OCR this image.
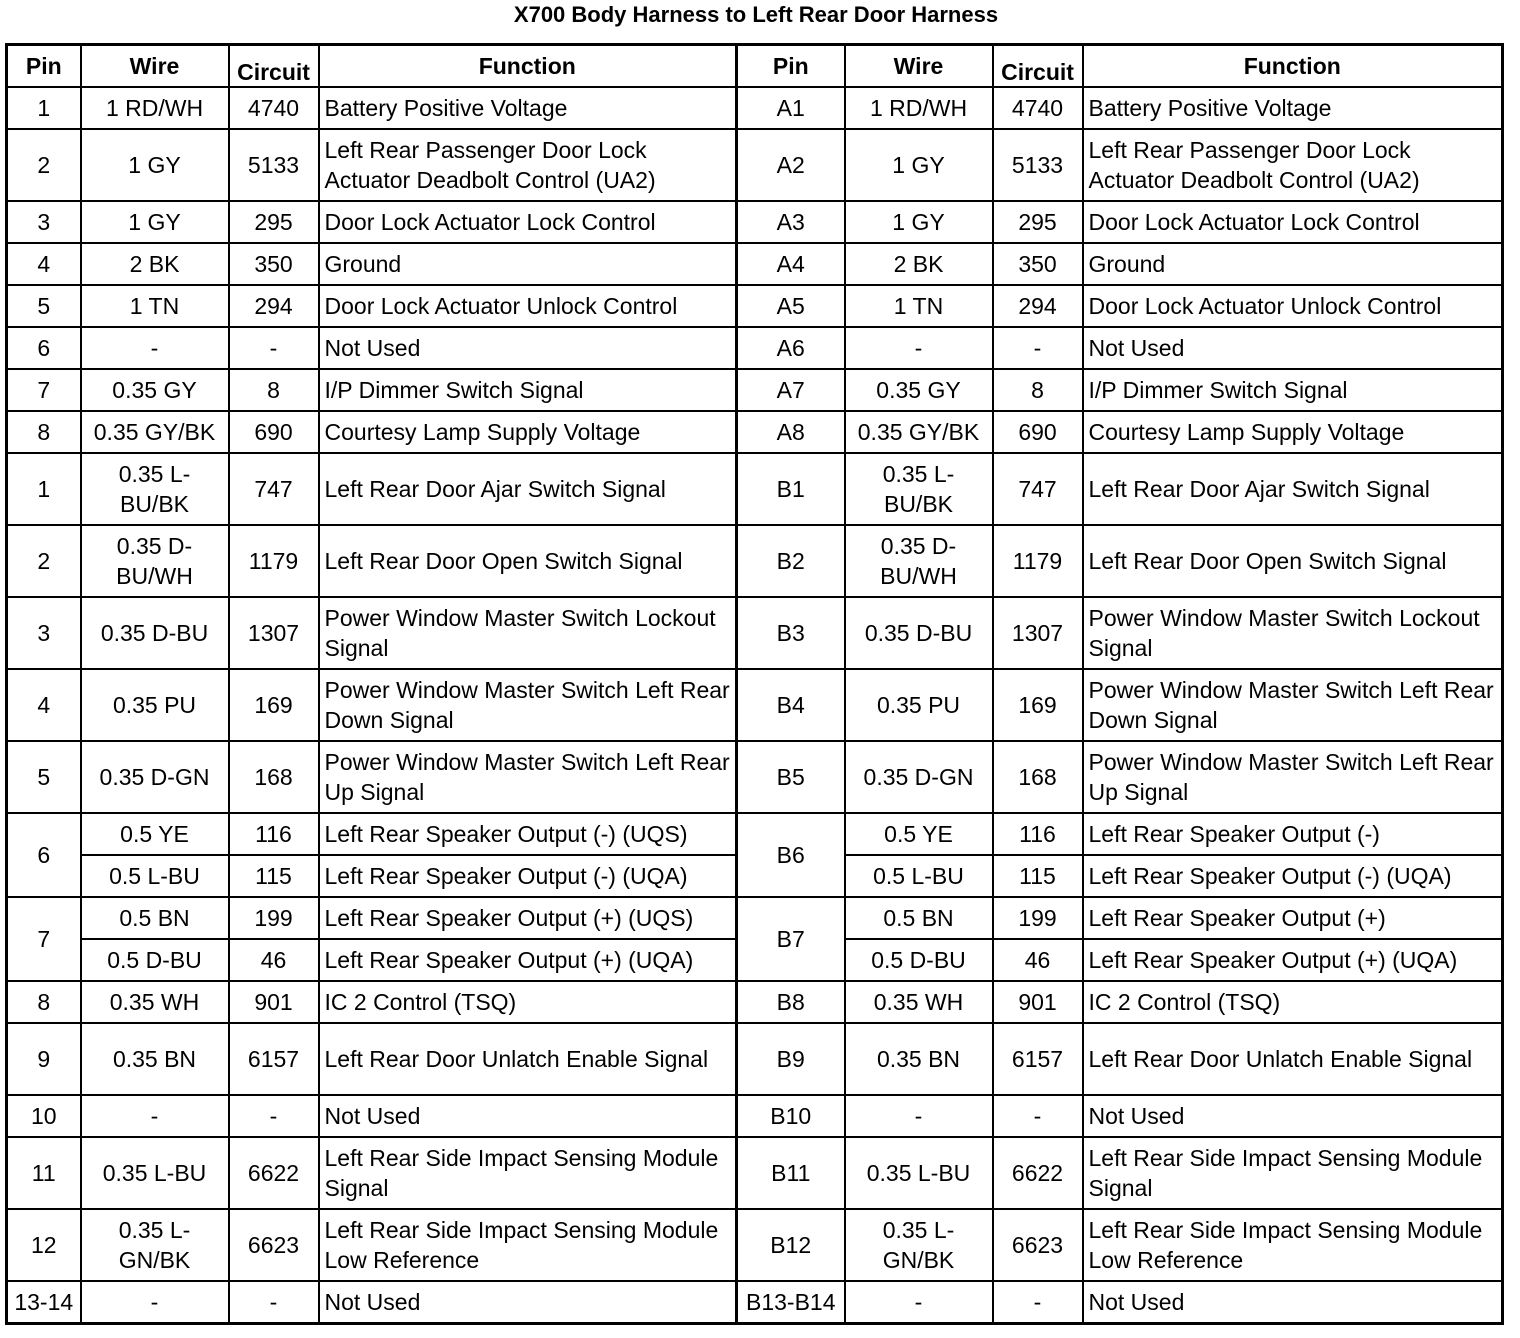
X700 Body Harness to Left Rear Door Harness
Pin	Wire	Circuit	Function	Pin	Wire	Circuit	Function
1	1 RD/WH	4740	Battery Positive Voltage	A1	1 RD/WH	4740	Battery Positive Voltage
2	1 GY	5133	Left Rear Passenger Door Lock Actuator Deadbolt Control (UA2)	A2	1 GY	5133	Left Rear Passenger Door Lock Actuator Deadbolt Control (UA2)
3	1 GY	295	Door Lock Actuator Lock Control	A3	1 GY	295	Door Lock Actuator Lock Control
4	2 BK	350	Ground	A4	2 BK	350	Ground
5	1 TN	294	Door Lock Actuator Unlock Control	A5	1 TN	294	Door Lock Actuator Unlock Control
6	-	-	Not Used	A6	-	-	Not Used
7	0.35 GY	8	I/P Dimmer Switch Signal	A7	0.35 GY	8	I/P Dimmer Switch Signal
8	0.35 GY/BK	690	Courtesy Lamp Supply Voltage	A8	0.35 GY/BK	690	Courtesy Lamp Supply Voltage
1	0.35 L-BU/BK	747	Left Rear Door Ajar Switch Signal	B1	0.35 L-BU/BK	747	Left Rear Door Ajar Switch Signal
2	0.35 D-BU/WH	1179	Left Rear Door Open Switch Signal	B2	0.35 D-BU/WH	1179	Left Rear Door Open Switch Signal
3	0.35 D-BU	1307	Power Window Master Switch Lockout Signal	B3	0.35 D-BU	1307	Power Window Master Switch Lockout Signal
4	0.35 PU	169	Power Window Master Switch Left Rear Down Signal	B4	0.35 PU	169	Power Window Master Switch Left Rear Down Signal
5	0.35 D-GN	168	Power Window Master Switch Left Rear Up Signal	B5	0.35 D-GN	168	Power Window Master Switch Left Rear Up Signal
6	0.5 YE	116	Left Rear Speaker Output (-) (UQS)	B6	0.5 YE	116	Left Rear Speaker Output (-)
	0.5 L-BU	115	Left Rear Speaker Output (-) (UQA)		0.5 L-BU	115	Left Rear Speaker Output (-) (UQA)
7	0.5 BN	199	Left Rear Speaker Output (+) (UQS)	B7	0.5 BN	199	Left Rear Speaker Output (+)
	0.5 D-BU	46	Left Rear Speaker Output (+) (UQA)		0.5 D-BU	46	Left Rear Speaker Output (+) (UQA)
8	0.35 WH	901	IC 2 Control (TSQ)	B8	0.35 WH	901	IC 2 Control (TSQ)
9	0.35 BN	6157	Left Rear Door Unlatch Enable Signal	B9	0.35 BN	6157	Left Rear Door Unlatch Enable Signal
10	-	-	Not Used	B10	-	-	Not Used
11	0.35 L-BU	6622	Left Rear Side Impact Sensing Module Signal	B11	0.35 L-BU	6622	Left Rear Side Impact Sensing Module Signal
12	0.35 L-GN/BK	6623	Left Rear Side Impact Sensing Module Low Reference	B12	0.35 L-GN/BK	6623	Left Rear Side Impact Sensing Module Low Reference
13-14	-	-	Not Used	B13-B14	-	-	Not Used
